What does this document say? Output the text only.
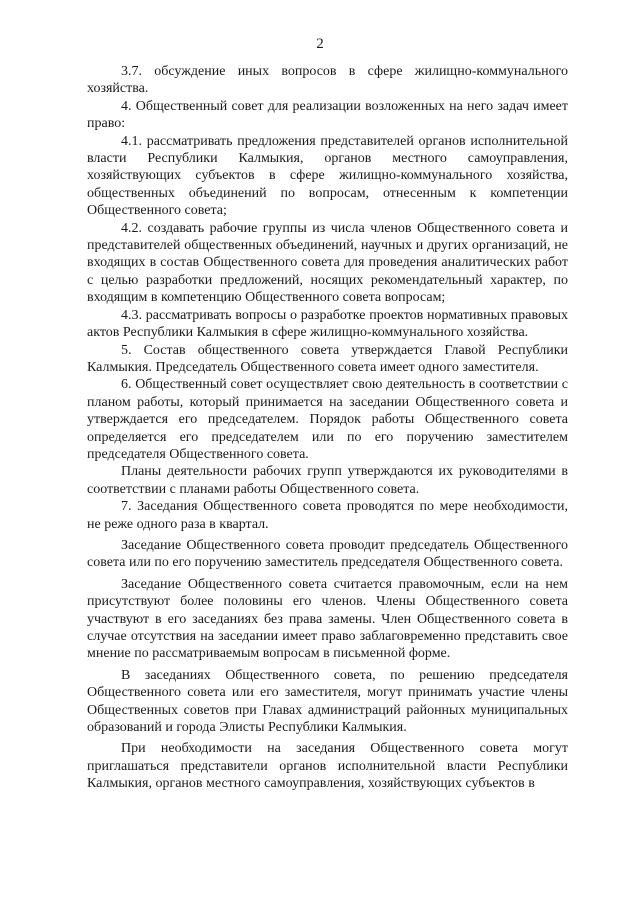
2

3.7. обсуждение иных вопросов в сфере жилищно-коммунального хозяйства.

4. Общественный совет для реализации возложенных на него задач имеет право:

4.1. рассматривать предложения представителей органов исполнительной власти Республики Калмыкия, органов местного самоуправления, хозяйствующих субъектов в сфере жилищно-коммунального хозяйства, общественных объединений по вопросам, отнесенным к компетенции Общественного совета;

4.2. создавать рабочие группы из числа членов Общественного совета и представителей общественных объединений, научных и других организаций, не входящих в состав Общественного совета для проведения аналитических работ с целью разработки предложений, носящих рекомендательный характер, по входящим в компетенцию Общественного совета вопросам;

4.3. рассматривать вопросы о разработке проектов нормативных правовых актов Республики Калмыкия в сфере жилищно-коммунального хозяйства.

5. Состав общественного совета утверждается Главой Республики Калмыкия. Председатель Общественного совета имеет одного заместителя.

6. Общественный совет осуществляет свою деятельность в соответствии с планом работы, который принимается на заседании Общественного совета и утверждается его председателем. Порядок работы Общественного совета определяется его председателем или по его поручению заместителем председателя Общественного совета.

Планы деятельности рабочих групп утверждаются их руководителями в соответствии с планами работы Общественного совета.

7. Заседания Общественного совета проводятся по мере необходимости, не реже одного раза в квартал.

Заседание Общественного совета проводит председатель Общественного совета или по его поручению заместитель председателя Общественного совета.

Заседание Общественного совета считается правомочным, если на нем присутствуют более половины его членов. Члены Общественного совета участвуют в его заседаниях без права замены. Член Общественного совета в случае отсутствия на заседании имеет право заблаговременно представить свое мнение по рассматриваемым вопросам в письменной форме.

В заседаниях Общественного совета, по решению председателя Общественного совета или его заместителя, могут принимать участие члены Общественных советов при Главах администраций районных муниципальных образований и города Элисты Республики Калмыкия.

При необходимости на заседания Общественного совета могут приглашаться представители органов исполнительной власти Республики Калмыкия, органов местного самоуправления, хозяйствующих субъектов в
